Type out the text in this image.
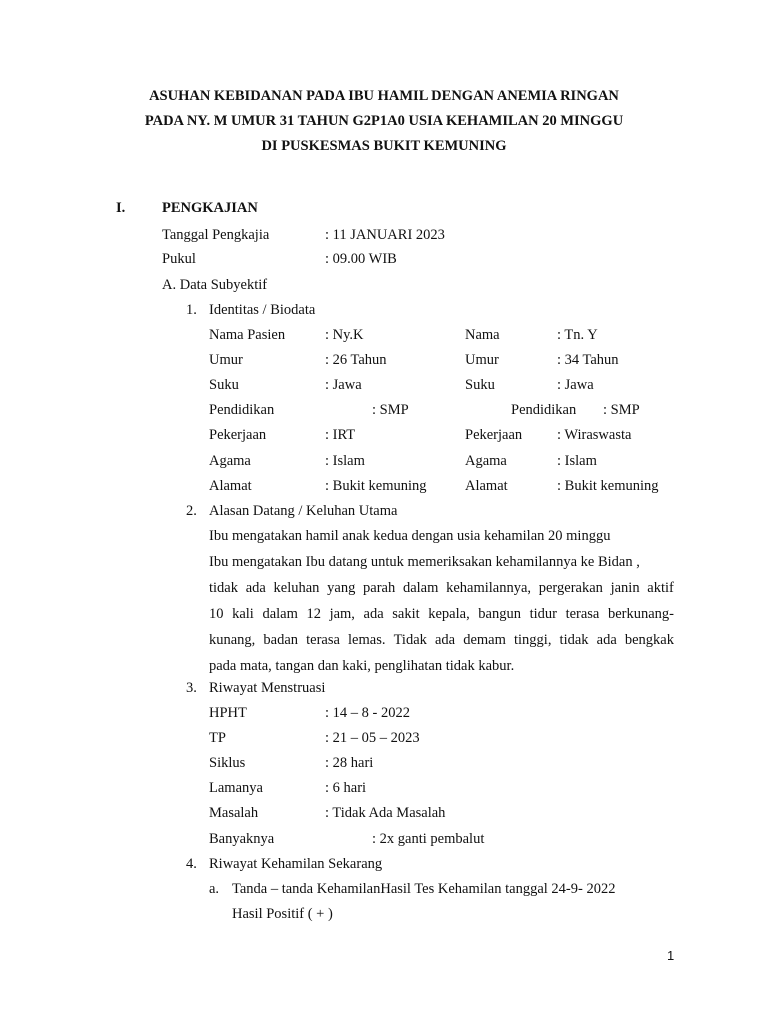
ASUHAN KEBIDANAN PADA IBU HAMIL DENGAN ANEMIA RINGAN
PADA NY. M UMUR 31 TAHUN G2P1A0 USIA KEHAMILAN 20 MINGGU
DI PUSKESMAS BUKIT KEMUNING
I.	PENGKAJIAN
Tanggal Pengkajia	: 11 JANUARI 2023
Pukul	: 09.00 WIB
A. Data Subyektif
1. Identitas / Biodata
Nama Pasien	: Ny.K	Nama	: Tn. Y
Umur	: 26 Tahun	Umur	: 34 Tahun
Suku	: Jawa	Suku	: Jawa
Pendidikan	: SMP	Pendidikan : SMP
Pekerjaan	: IRT	Pekerjaan : Wiraswasta
Agama	: Islam	Agama	: Islam
Alamat	: Bukit kemuning	Alamat	: Bukit kemuning
2. Alasan Datang / Keluhan Utama
Ibu mengatakan hamil anak kedua dengan usia kehamilan 20 minggu
Ibu mengatakan Ibu datang untuk memeriksakan kehamilannya ke Bidan ,
tidak ada keluhan yang parah dalam kehamilannya, pergerakan janin aktif
10 kali dalam 12 jam, ada sakit kepala, bangun tidur terasa berkunang-
kunang, badan terasa lemas. Tidak ada demam tinggi, tidak ada bengkak
pada mata, tangan dan kaki, penglihatan tidak kabur.
3. Riwayat Menstruasi
HPHT	: 14 – 8 - 2022
TP	: 21 – 05 – 2023
Siklus	: 28 hari
Lamanya	: 6 hari
Masalah	: Tidak Ada Masalah
Banyaknya	: 2x ganti pembalut
4. Riwayat Kehamilan Sekarang
a. Tanda – tanda KehamilanHasil Tes Kehamilan tanggal 24-9- 2022
Hasil Positif ( + )
1
